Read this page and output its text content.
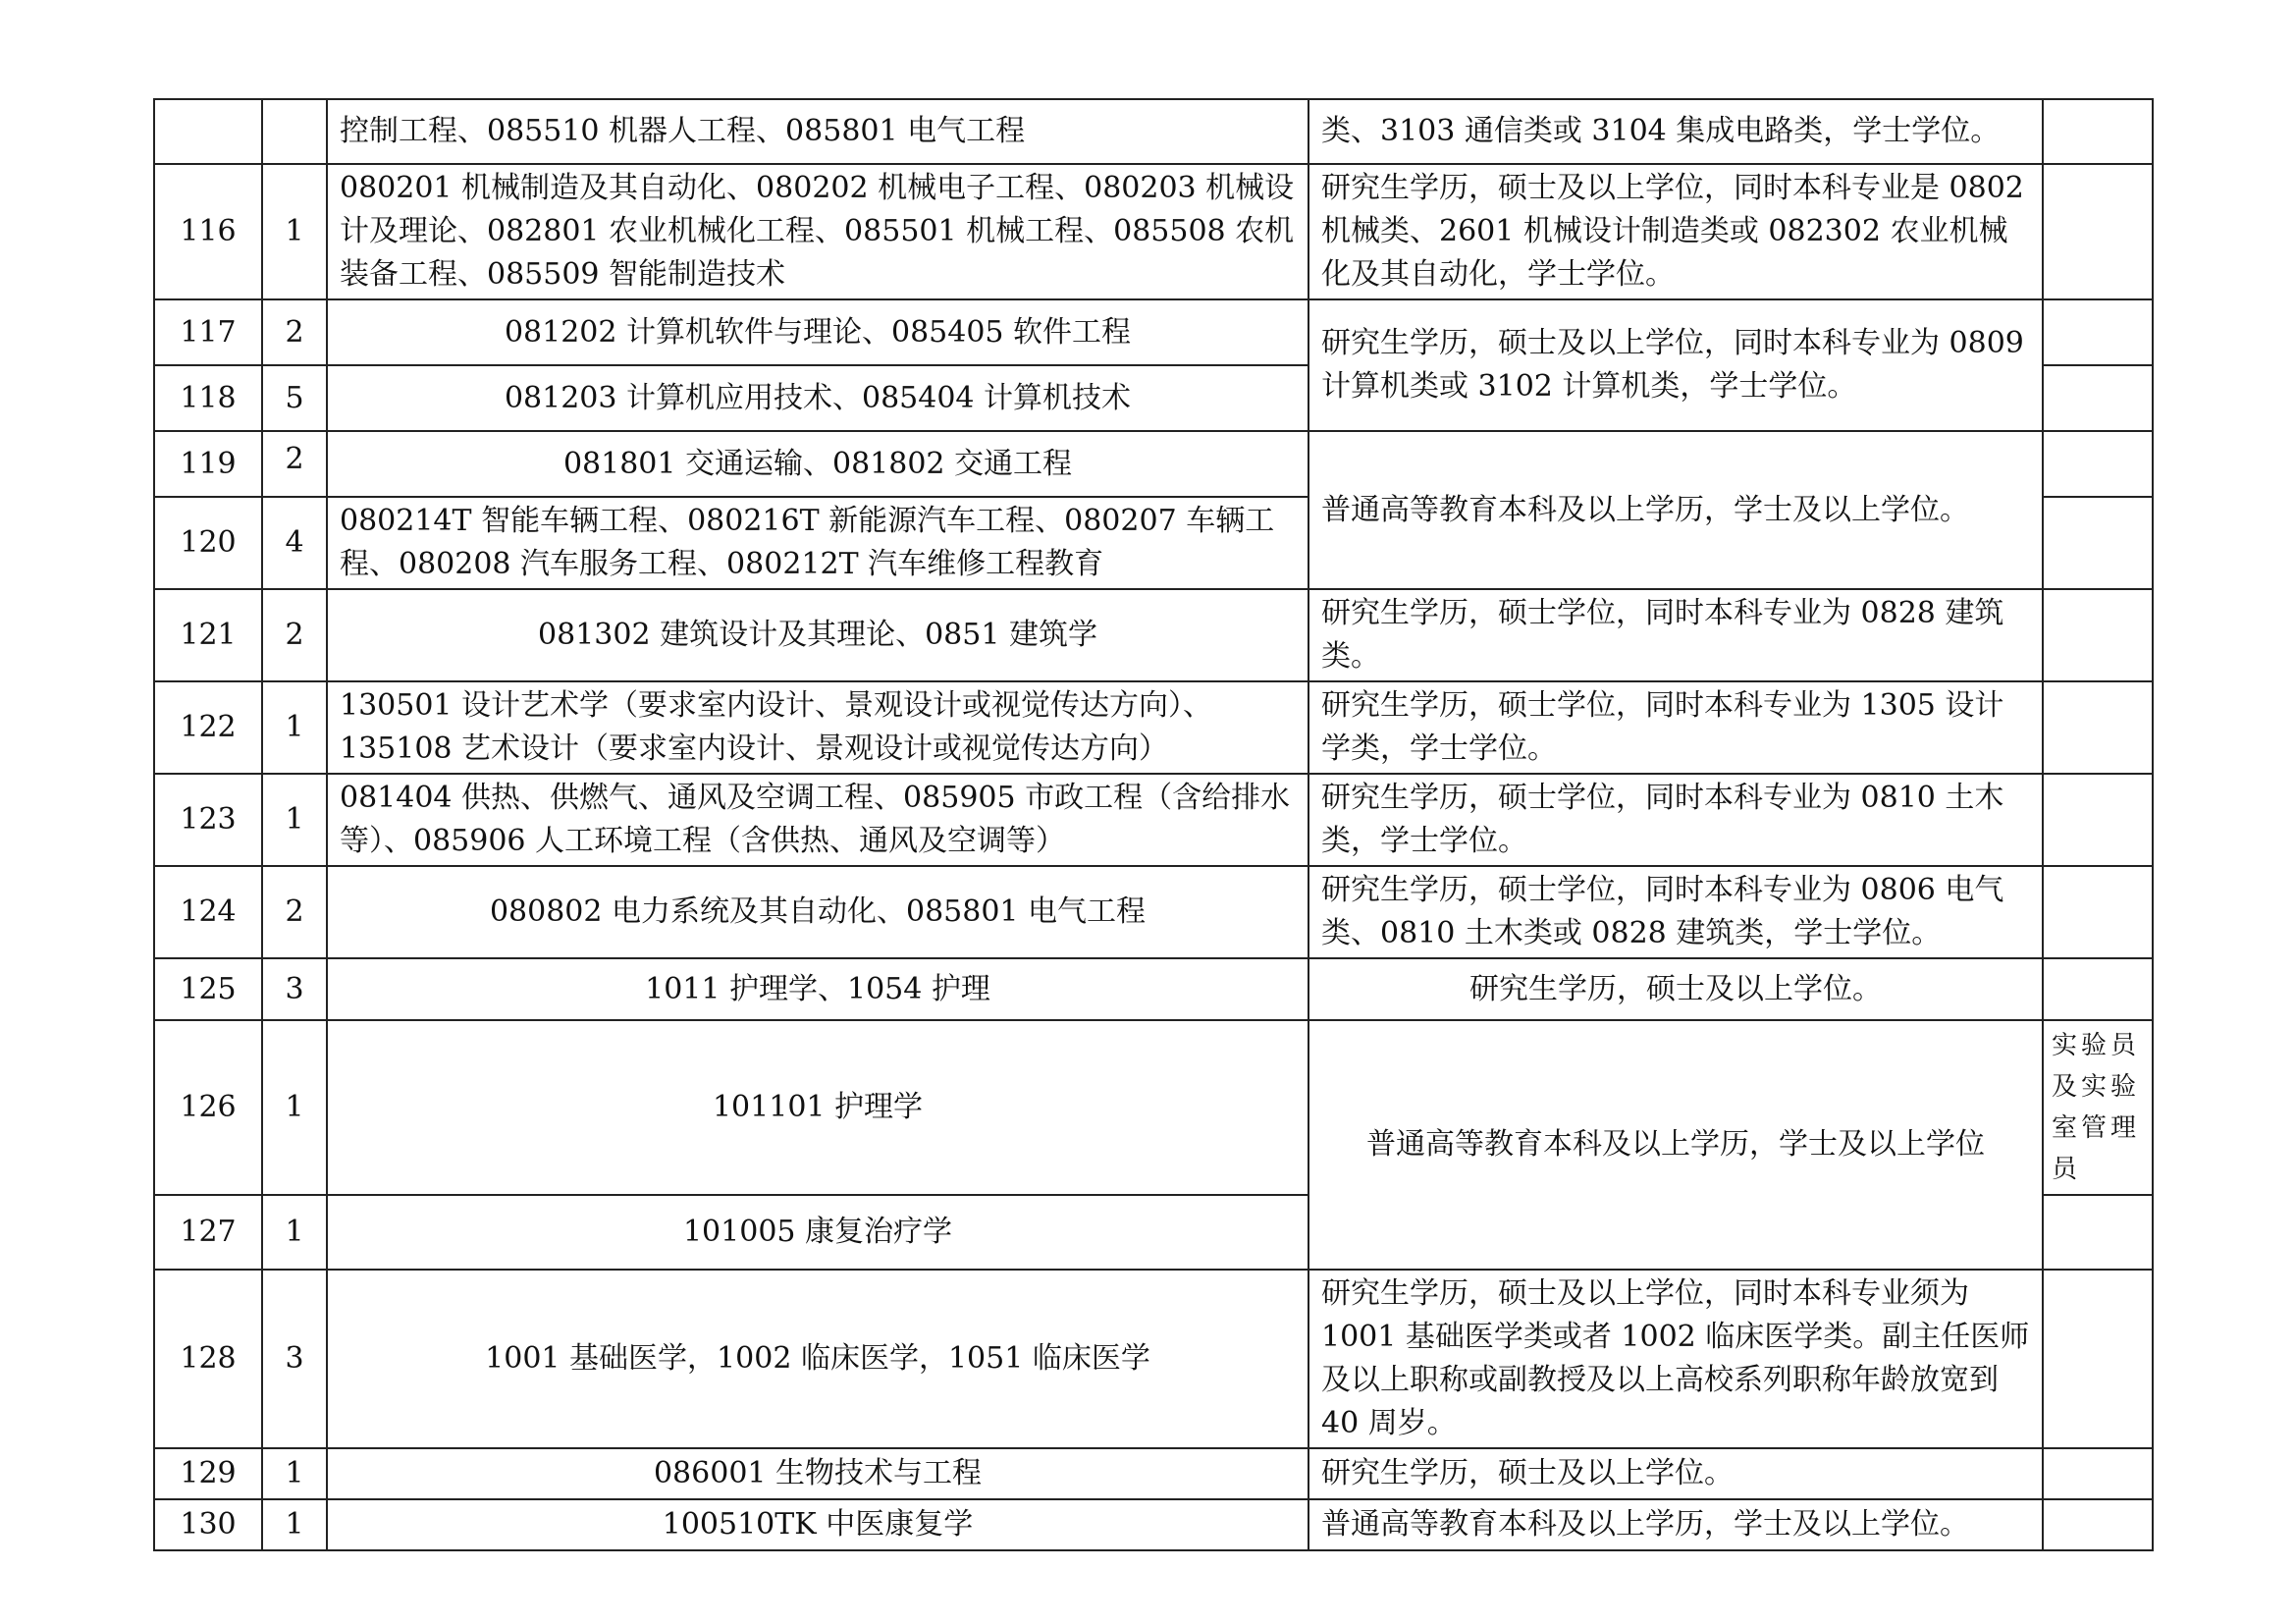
		控制工程、085510 机器人工程、085801 电气工程	类、3103 通信类或 3104 集成电路类，学士学位。	
116	1	080201 机械制造及其自动化、080202 机械电子工程、080203 机械设计及理论、082801 农业机械化工程、085501 机械工程、085508 农机装备工程、085509 智能制造技术	研究生学历，硕士及以上学位，同时本科专业是 0802 机械类、2601 机械设计制造类或 082302 农业机械化及其自动化，学士学位。	
117	2	081202 计算机软件与理论、085405 软件工程	研究生学历，硕士及以上学位，同时本科专业为 0809 计算机类或 3102 计算机类，学士学位。	
118	5	081203 计算机应用技术、085404 计算机技术		
119	2	081801 交通运输、081802 交通工程	普通高等教育本科及以上学历，学士及以上学位。	
120	4	080214T 智能车辆工程、080216T 新能源汽车工程、080207 车辆工程、080208 汽车服务工程、080212T 汽车维修工程教育		
121	2	081302 建筑设计及其理论、0851 建筑学	研究生学历，硕士学位，同时本科专业为 0828 建筑类。	
122	1	130501 设计艺术学（要求室内设计、景观设计或视觉传达方向）、135108 艺术设计（要求室内设计、景观设计或视觉传达方向）	研究生学历，硕士学位，同时本科专业为 1305 设计学类，学士学位。	
123	1	081404 供热、供燃气、通风及空调工程、085905 市政工程（含给排水等）、085906 人工环境工程（含供热、通风及空调等）	研究生学历，硕士学位，同时本科专业为 0810 土木类，学士学位。	
124	2	080802 电力系统及其自动化、085801 电气工程	研究生学历，硕士学位，同时本科专业为 0806 电气类、0810 土木类或 0828 建筑类，学士学位。	
125	3	1011 护理学、1054 护理	研究生学历，硕士及以上学位。	
126	1	101101 护理学	普通高等教育本科及以上学历，学士及以上学位	实验员及实验室管理员
127	1	101005 康复治疗学		
128	3	1001 基础医学，1002 临床医学，1051 临床医学	研究生学历，硕士及以上学位，同时本科专业须为 1001 基础医学类或者 1002 临床医学类。副主任医师及以上职称或副教授及以上高校系列职称年龄放宽到 40 周岁。	
129	1	086001 生物技术与工程	研究生学历，硕士及以上学位。	
130	1	100510TK 中医康复学	普通高等教育本科及以上学历，学士及以上学位。	
